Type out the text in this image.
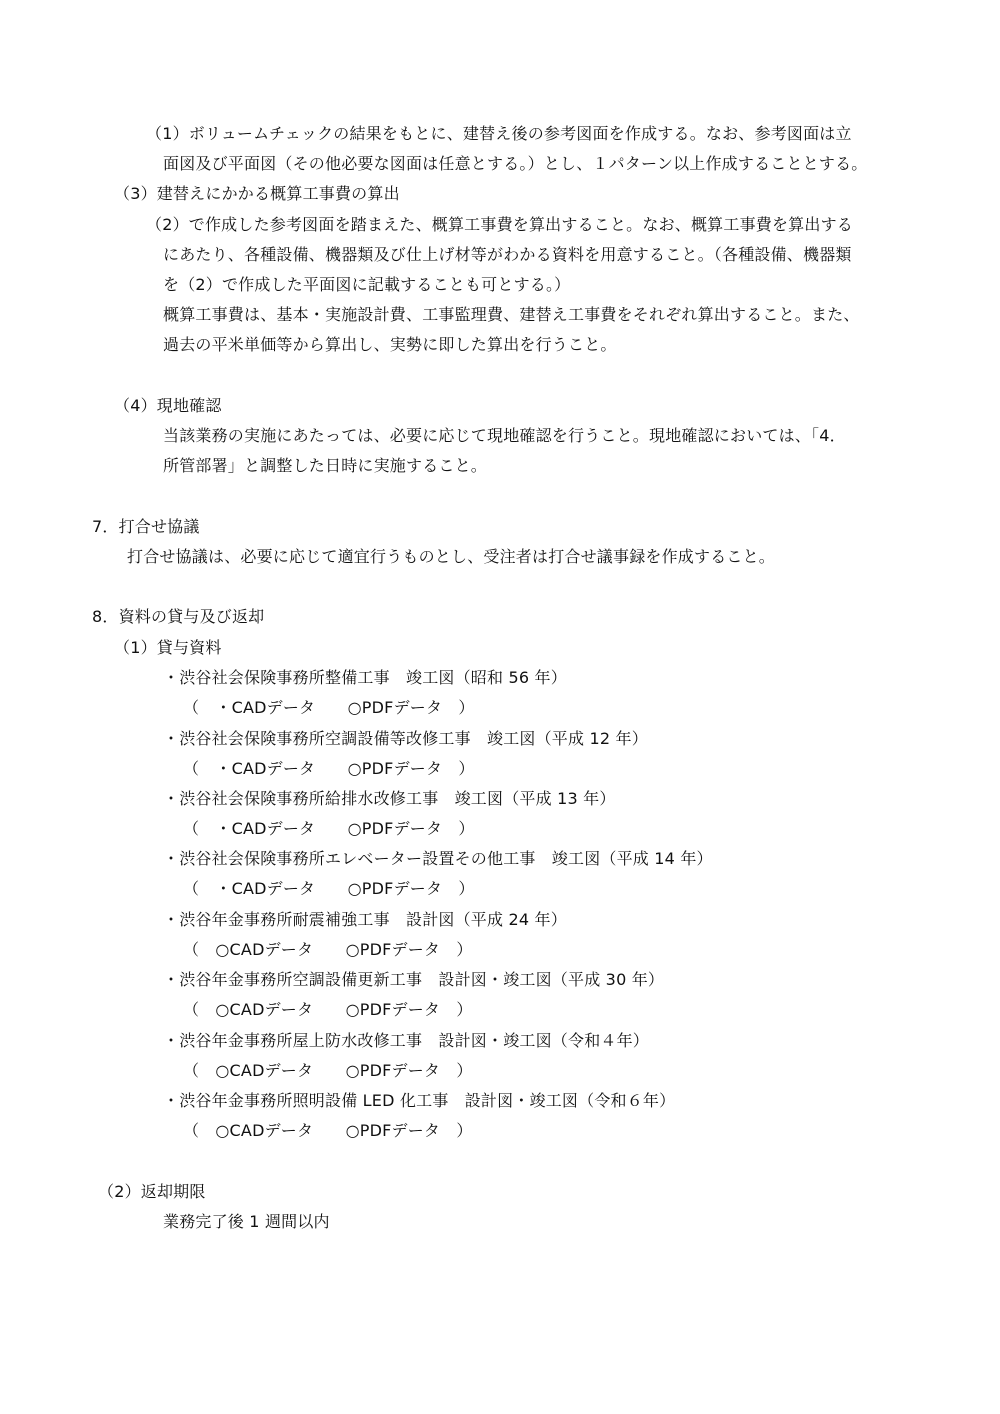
（1）ボリュームチェックの結果をもとに、建替え後の参考図面を作成する。なお、参考図面は立
面図及び平面図（その他必要な図面は任意とする。）とし、１パターン以上作成することとする。
（3）建替えにかかる概算工事費の算出
（2）で作成した参考図面を踏まえた、概算工事費を算出すること。なお、概算工事費を算出する
にあたり、各種設備、機器類及び仕上げ材等がわかる資料を用意すること。（各種設備、機器類
を（2）で作成した平面図に記載することも可とする。）
概算工事費は、基本・実施設計費、工事監理費、建替え工事費をそれぞれ算出すること。また、
過去の平米単価等から算出し、実勢に即した算出を行うこと。
（4）現地確認
当該業務の実施にあたっては、必要に応じて現地確認を行うこと。現地確認においては、「4．
所管部署」と調整した日時に実施すること。
7．打合せ協議
打合せ協議は、必要に応じて適宜行うものとし、受注者は打合せ議事録を作成すること。
8．資料の貸与及び返却
（1）貸与資料
・渋谷社会保険事務所整備工事　竣工図（昭和 56 年）
（　・CADデータ　　○PDFデータ　）
・渋谷社会保険事務所空調設備等改修工事　竣工図（平成 12 年）
（　・CADデータ　　○PDFデータ　）
・渋谷社会保険事務所給排水改修工事　竣工図（平成 13 年）
（　・CADデータ　　○PDFデータ　）
・渋谷社会保険事務所エレベーター設置その他工事　竣工図（平成 14 年）
（　・CADデータ　　○PDFデータ　）
・渋谷年金事務所耐震補強工事　設計図（平成 24 年）
（　○CADデータ　　○PDFデータ　）
・渋谷年金事務所空調設備更新工事　設計図・竣工図（平成 30 年）
（　○CADデータ　　○PDFデータ　）
・渋谷年金事務所屋上防水改修工事　設計図・竣工図（令和４年）
（　○CADデータ　　○PDFデータ　）
・渋谷年金事務所照明設備 LED 化工事　設計図・竣工図（令和６年）
（　○CADデータ　　○PDFデータ　）
（2）返却期限
業務完了後 1 週間以内
